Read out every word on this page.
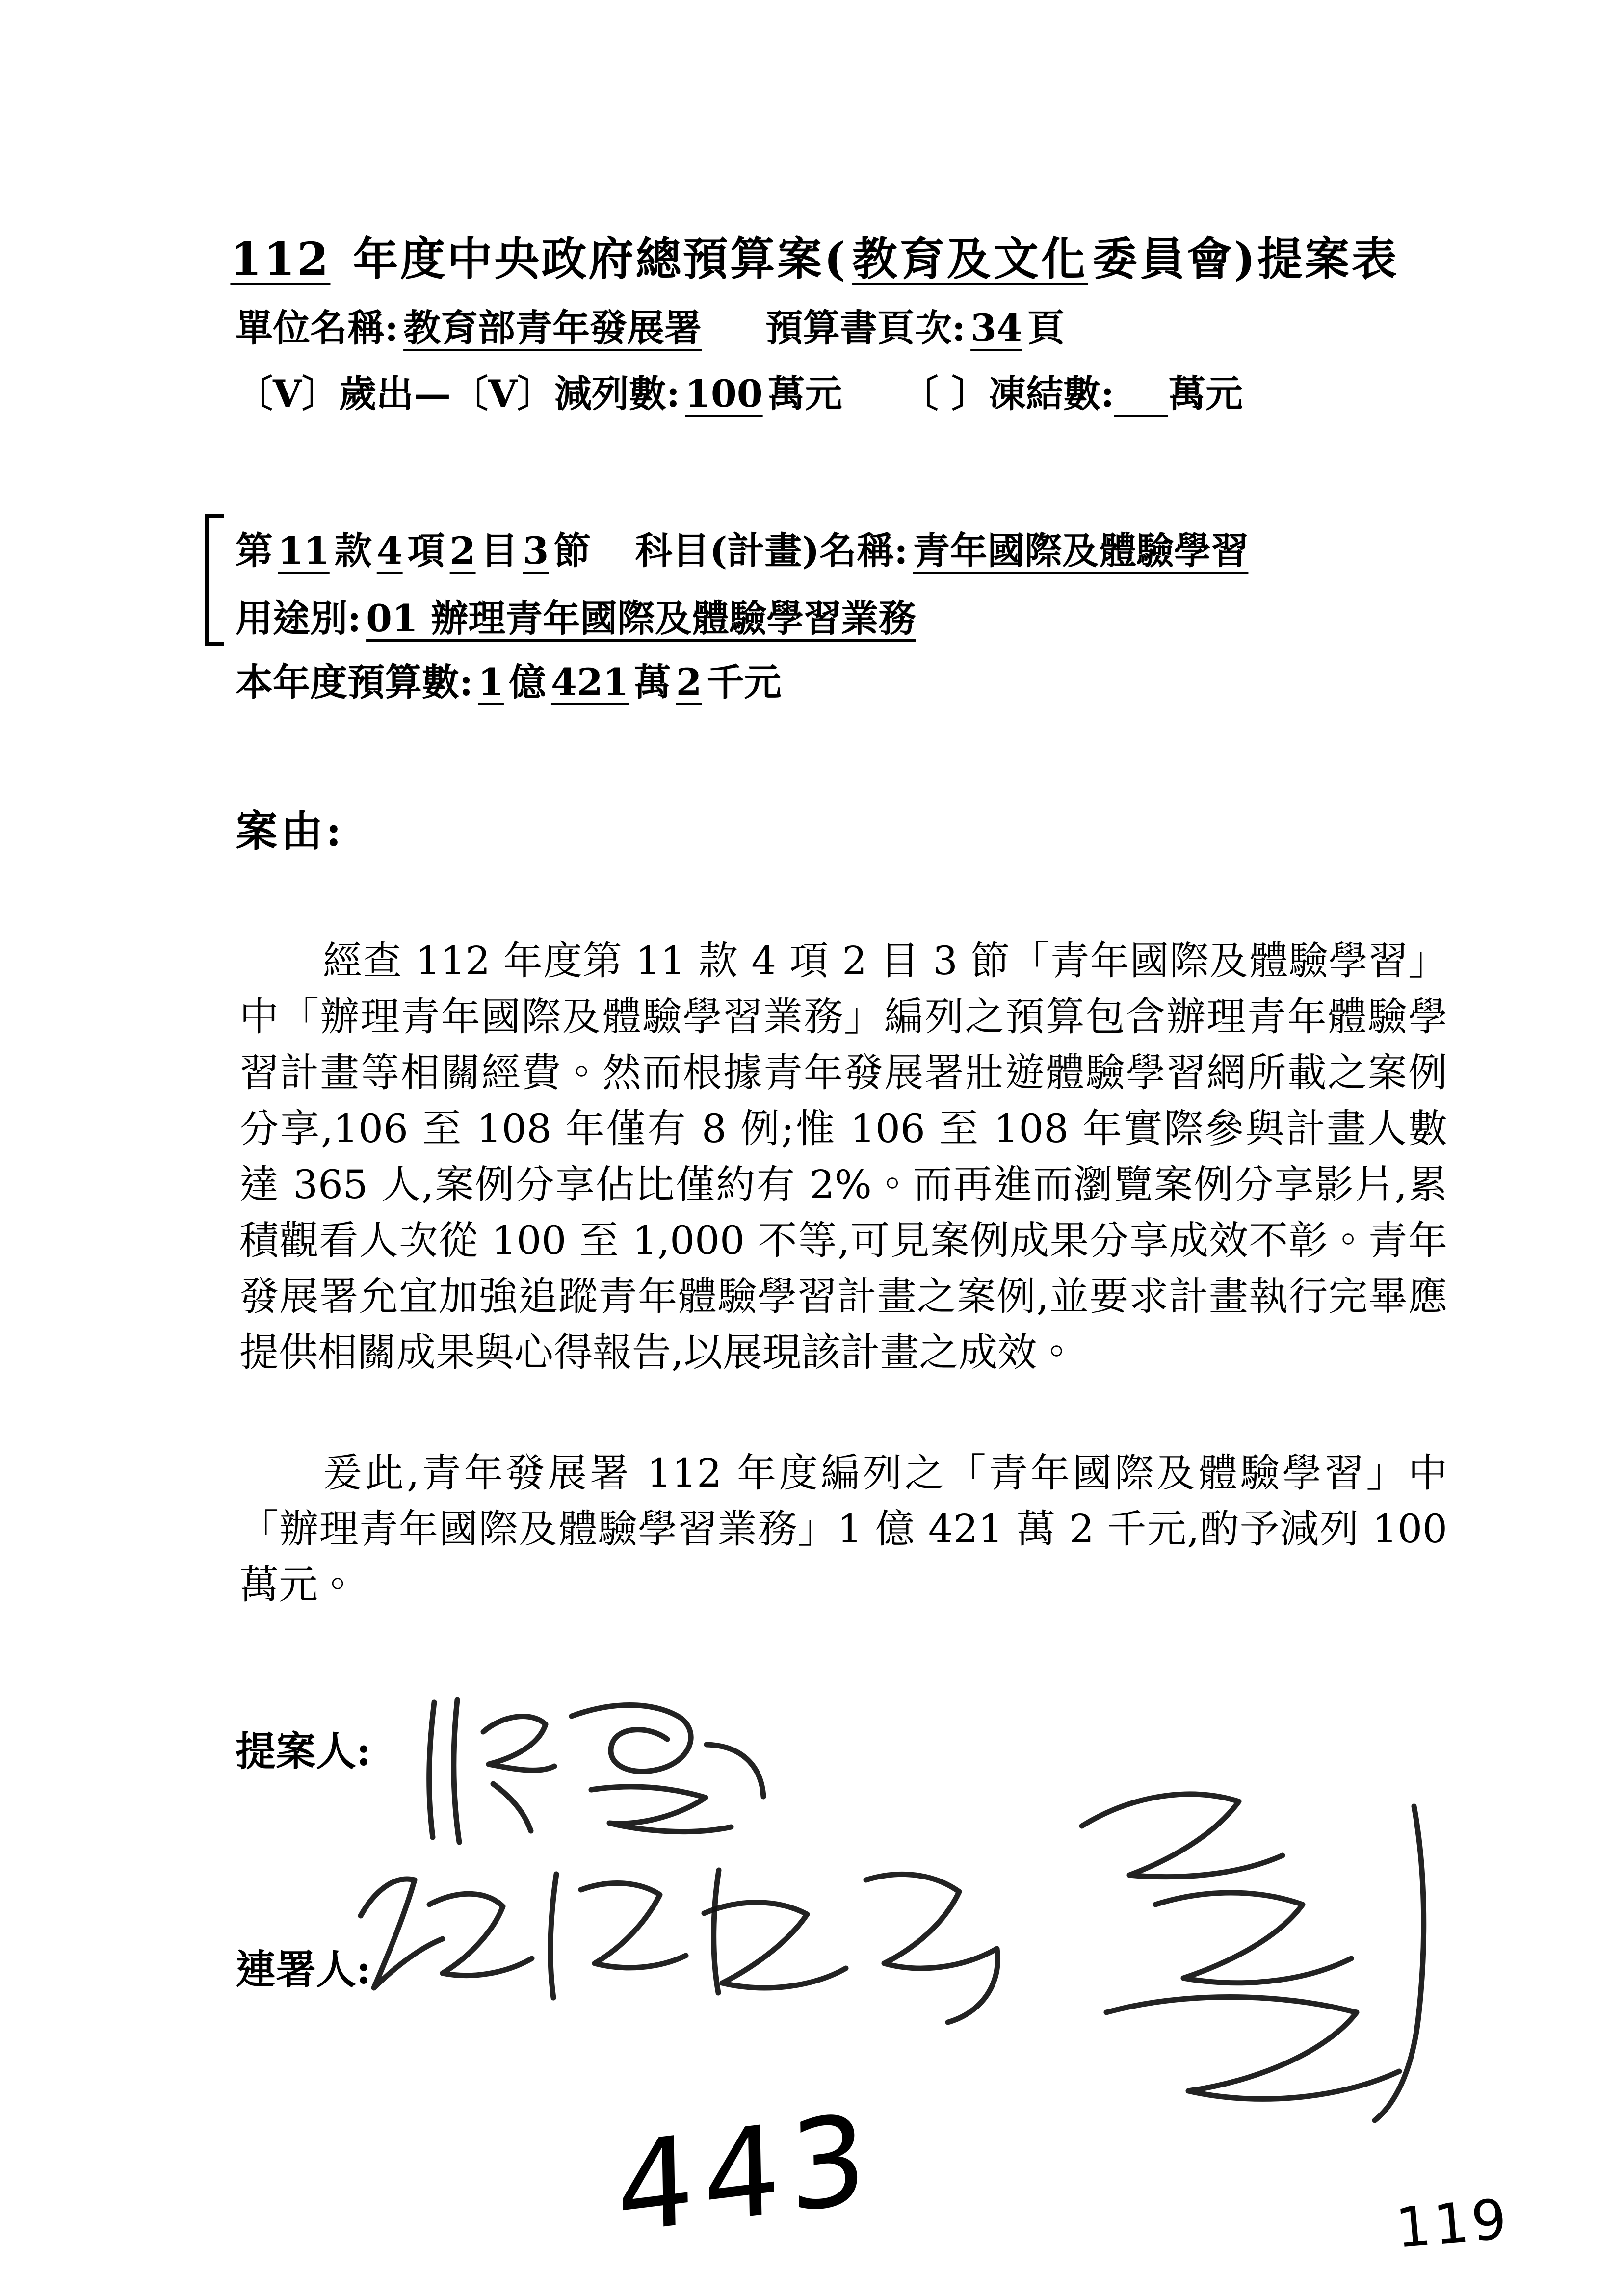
112 年度中央政府總預算案( 教育及文化 委員會)提案表
單位名稱: 教育部青年發展署 預算書頁次: 34 頁
〔V〕歲出—〔V〕減列數: 100 萬元 〔 〕凍結數: 萬元
第 11 款 4 項 2 目 3 節 科目(計畫)名稱: 青年國際及體驗學習
用途別: 01 辦理青年國際及體驗學習業務
本年度預算數: 1 億 421 萬 2 千元
案由:

經查 112 年度第 11 款 4 項 2 目 3 節「青年國際及體驗學習」中「辦理青年國際及體驗學習業務」編列之預算包含辦理青年體驗學習計畫等相關經費。然而根據青年發展署壯遊體驗學習網所載之案例分享,106 至 108 年僅有 8 例;惟 106 至 108 年實際參與計畫人數達 365 人,案例分享佔比僅約有 2%。而再進而瀏覽案例分享影片,累積觀看人次從 100 至 1,000 不等,可見案例成果分享成效不彰。青年發展署允宜加強追蹤青年體驗學習計畫之案例,並要求計畫執行完畢應提供相關成果與心得報告,以展現該計畫之成效。

爰此,青年發展署 112 年度編列之「青年國際及體驗學習」中「辦理青年國際及體驗學習業務」1 億 421 萬 2 千元,酌予減列 100 萬元。

提案人:
連署人:
443	119
